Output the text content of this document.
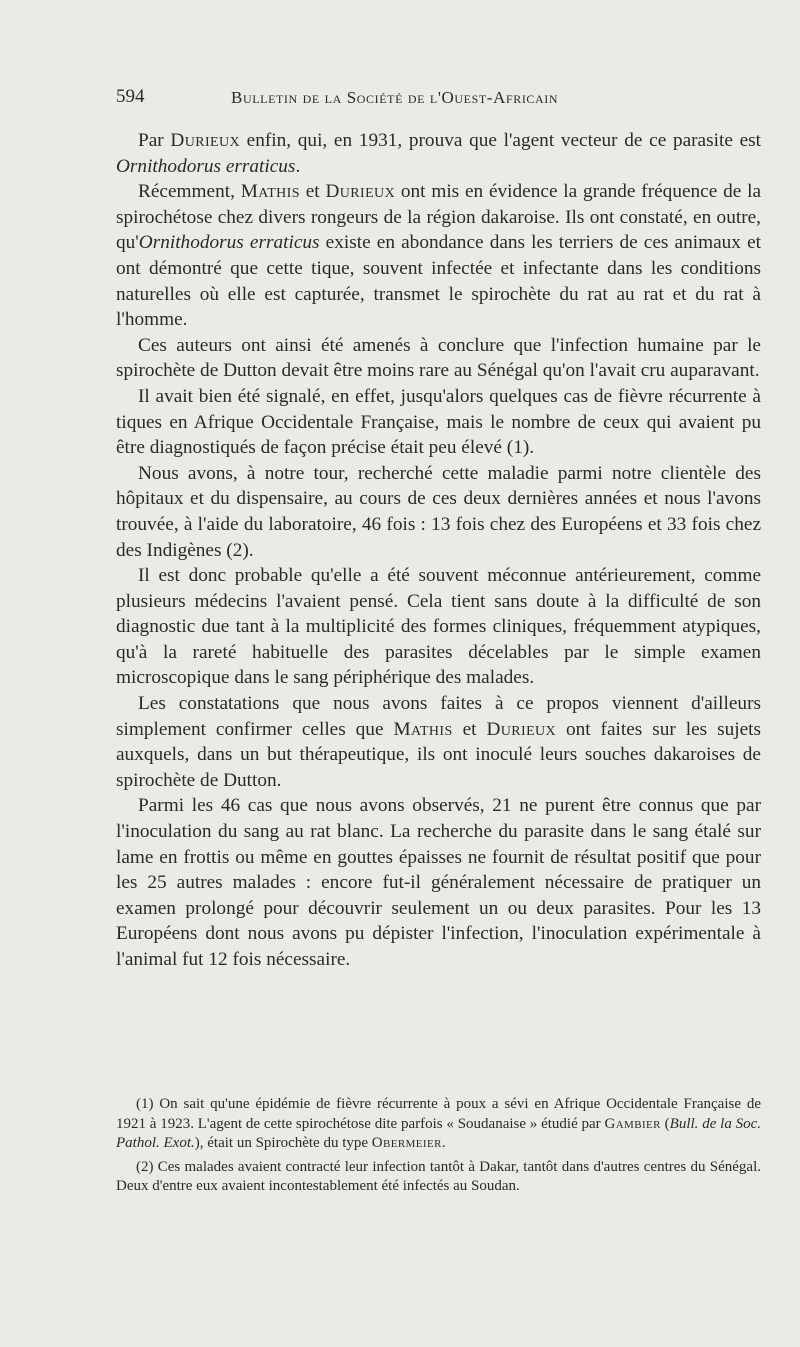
594	Bulletin de la Société de l'Ouest-Africain

Par Durieux enfin, qui, en 1931, prouva que l'agent vecteur de ce parasite est Ornithodorus erraticus.

Récemment, Mathis et Durieux ont mis en évidence la grande fréquence de la spirochétose chez divers rongeurs de la région dakaroise. Ils ont constaté, en outre, qu'Ornithodorus erraticus existe en abondance dans les terriers de ces animaux et ont démontré que cette tique, souvent infectée et infectante dans les conditions naturelles où elle est capturée, transmet le spirochète du rat au rat et du rat à l'homme.

Ces auteurs ont ainsi été amenés à conclure que l'infection humaine par le spirochète de Dutton devait être moins rare au Sénégal qu'on l'avait cru auparavant.

Il avait bien été signalé, en effet, jusqu'alors quelques cas de fièvre récurrente à tiques en Afrique Occidentale Française, mais le nombre de ceux qui avaient pu être diagnostiqués de façon précise était peu élevé (1).

Nous avons, à notre tour, recherché cette maladie parmi notre clientèle des hôpitaux et du dispensaire, au cours de ces deux dernières années et nous l'avons trouvée, à l'aide du laboratoire, 46 fois : 13 fois chez des Européens et 33 fois chez des Indigènes (2).

Il est donc probable qu'elle a été souvent méconnue antérieurement, comme plusieurs médecins l'avaient pensé. Cela tient sans doute à la difficulté de son diagnostic due tant à la multiplicité des formes cliniques, fréquemment atypiques, qu'à la rareté habituelle des parasites décelables par le simple examen microscopique dans le sang périphérique des malades.

Les constatations que nous avons faites à ce propos viennent d'ailleurs simplement confirmer celles que Mathis et Durieux ont faites sur les sujets auxquels, dans un but thérapeutique, ils ont inoculé leurs souches dakaroises de spirochète de Dutton.

Parmi les 46 cas que nous avons observés, 21 ne purent être connus que par l'inoculation du sang au rat blanc. La recherche du parasite dans le sang étalé sur lame en frottis ou même en gouttes épaisses ne fournit de résultat positif que pour les 25 autres malades : encore fut-il généralement nécessaire de pratiquer un examen prolongé pour découvrir seulement un ou deux parasites. Pour les 13 Européens dont nous avons pu dépister l'infection, l'inoculation expérimentale à l'animal fut 12 fois nécessaire.

(1) On sait qu'une épidémie de fièvre récurrente à poux a sévi en Afrique Occidentale Française de 1921 à 1923. L'agent de cette spirochétose dite parfois « Soudanaise » étudié par Gambier (Bull. de la Soc. Pathol. Exot.), était un Spirochète du type Obermeier.

(2) Ces malades avaient contracté leur infection tantôt à Dakar, tantôt dans d'autres centres du Sénégal. Deux d'entre eux avaient incontestablement été infectés au Soudan.
